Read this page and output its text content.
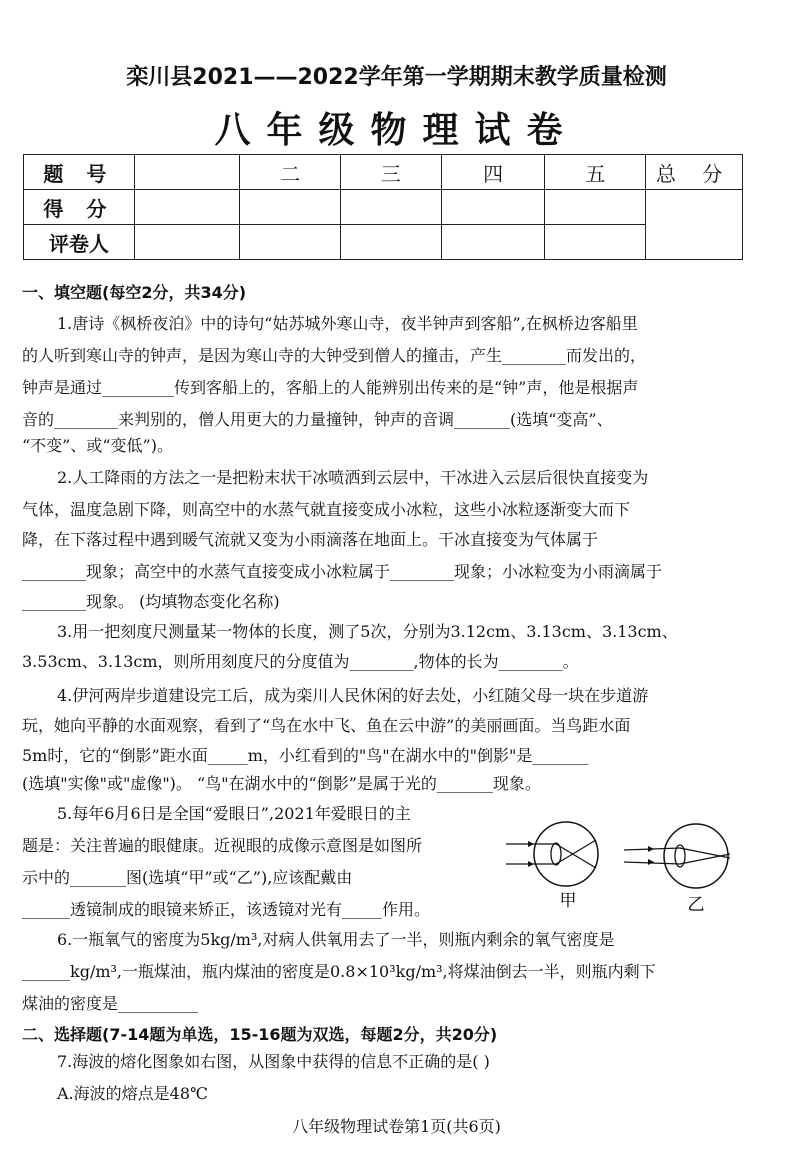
栾川县2021——2022学年第一学期期末教学质量检测
八年级物理试卷
题 号		二	三	四	五	总 分
得 分						
评卷人						
一、填空题(每空2分，共34分)
1.唐诗《枫桥夜泊》中的诗句“姑苏城外寒山寺，夜半钟声到客船”,在枫桥边客船里
的人听到寒山寺的钟声，是因为寒山寺的大钟受到僧人的撞击，产生________而发出的，
钟声是通过_________传到客船上的，客船上的人能辨别出传来的是“钟”声，他是根据声
音的________来判别的，僧人用更大的力量撞钟，钟声的音调_______(选填“变高”、
“不变”、或“变低”)。
2.人工降雨的方法之一是把粉末状干冰喷洒到云层中，干冰进入云层后很快直接变为
气体，温度急剧下降，则高空中的水蒸气就直接变成小冰粒，这些小冰粒逐渐变大而下
降，在下落过程中遇到暖气流就又变为小雨滴落在地面上。干冰直接变为气体属于
________现象；高空中的水蒸气直接变成小冰粒属于________现象；小冰粒变为小雨滴属于
________现象。 (均填物态变化名称)
3.用一把刻度尺测量某一物体的长度，测了5次，分别为3.12cm、3.13cm、3.13cm、
3.53cm、3.13cm，则所用刻度尺的分度值为________,物体的长为________。
4.伊河两岸步道建设完工后，成为栾川人民休闲的好去处，小红随父母一块在步道游
玩，她向平静的水面观察，看到了“鸟在水中飞、鱼在云中游”的美丽画面。当鸟距水面
5m时，它的“倒影”距水面_____m，小红看到的"鸟"在湖水中的"倒影"是_______
(选填"实像"或"虚像")。 “鸟"在湖水中的“倒影”是属于光的_______现象。
5.每年6月6日是全国“爱眼日”,2021年爱眼日的主
题是：关注普遍的眼健康。近视眼的成像示意图是如图所
示中的_______图(选填“甲”或“乙”),应该配戴由
______透镜制成的眼镜来矫正，该透镜对光有_____作用。	甲	乙
6.一瓶氧气的密度为5kg/m³,对病人供氧用去了一半，则瓶内剩余的氧气密度是
______kg/m³,一瓶煤油，瓶内煤油的密度是0.8×10³kg/m³,将煤油倒去一半，则瓶内剩下
煤油的密度是__________
二、选择题(7-14题为单选，15-16题为双选，每题2分，共20分)
7.海波的熔化图象如右图，从图象中获得的信息不正确的是( )
A.海波的熔点是48℃
八年级物理试卷第1页(共6页)
